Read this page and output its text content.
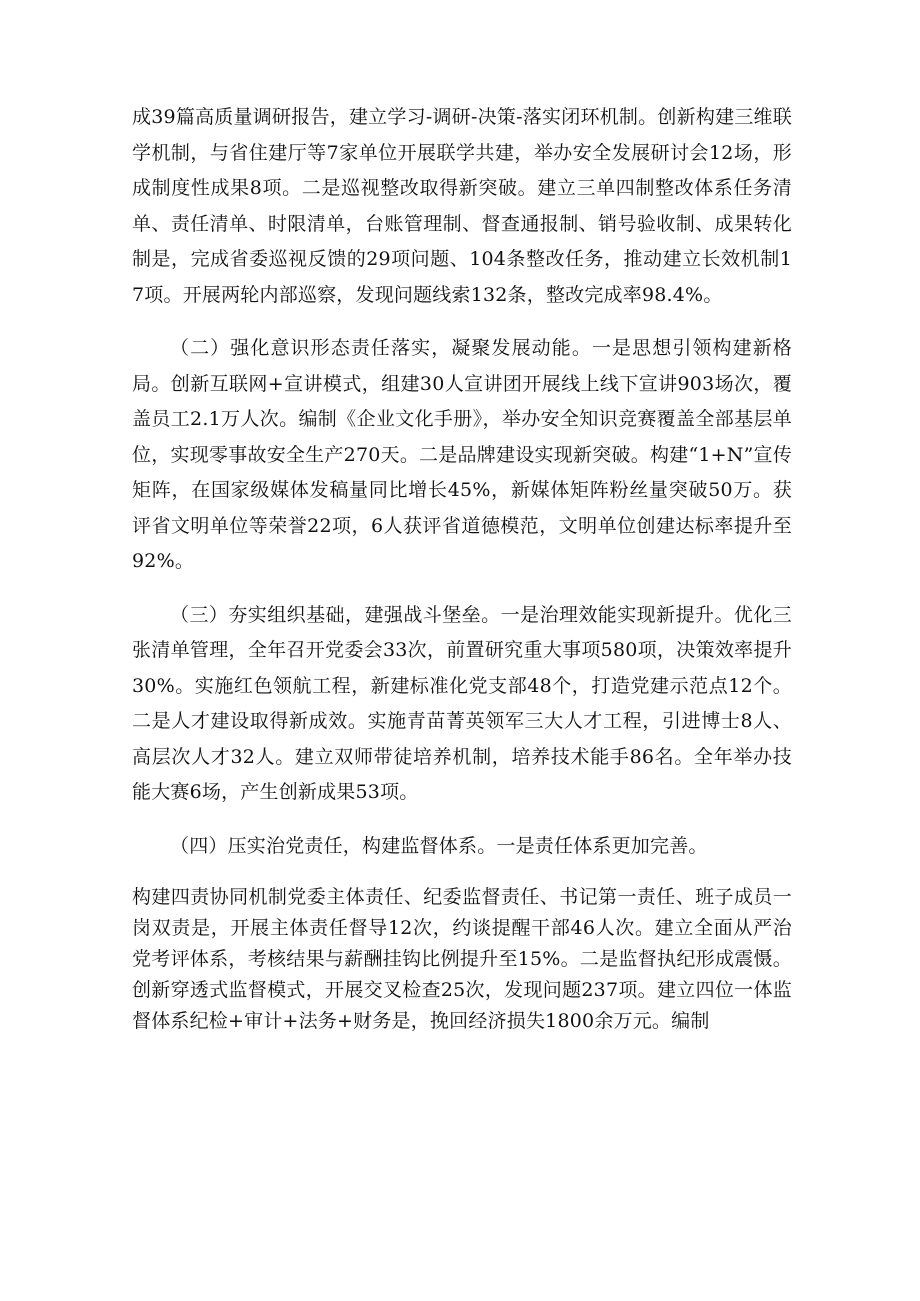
成39篇高质量调研报告，建立学习-调研-决策-落实闭环机制。创新构建三维联学机制，与省住建厅等7家单位开展联学共建，举办安全发展研讨会12场，形成制度性成果8项。二是巡视整改取得新突破。建立三单四制整改体系任务清单、责任清单、时限清单，台账管理制、督查通报制、销号验收制、成果转化制是，完成省委巡视反馈的29项问题、104条整改任务，推动建立长效机制17项。开展两轮内部巡察，发现问题线索132条，整改完成率98.4%。

（二）强化意识形态责任落实，凝聚发展动能。一是思想引领构建新格局。创新互联网+宣讲模式，组建30人宣讲团开展线上线下宣讲903场次，覆盖员工2.1万人次。编制《企业文化手册》，举办安全知识竞赛覆盖全部基层单位，实现零事故安全生产270天。二是品牌建设实现新突破。构建“1+N”宣传矩阵，在国家级媒体发稿量同比增长45%，新媒体矩阵粉丝量突破50万。获评省文明单位等荣誉22项，6人获评省道德模范，文明单位创建达标率提升至92%。

（三）夯实组织基础，建强战斗堡垒。一是治理效能实现新提升。优化三张清单管理，全年召开党委会33次，前置研究重大事项580项，决策效率提升30%。实施红色领航工程，新建标准化党支部48个，打造党建示范点12个。二是人才建设取得新成效。实施青苗菁英领军三大人才工程，引进博士8人、高层次人才32人。建立双师带徒培养机制，培养技术能手86名。全年举办技能大赛6场，产生创新成果53项。

（四）压实治党责任，构建监督体系。一是责任体系更加完善。

构建四责协同机制党委主体责任、纪委监督责任、书记第一责任、班子成员一岗双责是，开展主体责任督导12次，约谈提醒干部46人次。建立全面从严治党考评体系，考核结果与薪酬挂钩比例提升至15%。二是监督执纪形成震慑。创新穿透式监督模式，开展交叉检查25次，发现问题237项。建立四位一体监督体系纪检+审计+法务+财务是，挽回经济损失1800余万元。编制
